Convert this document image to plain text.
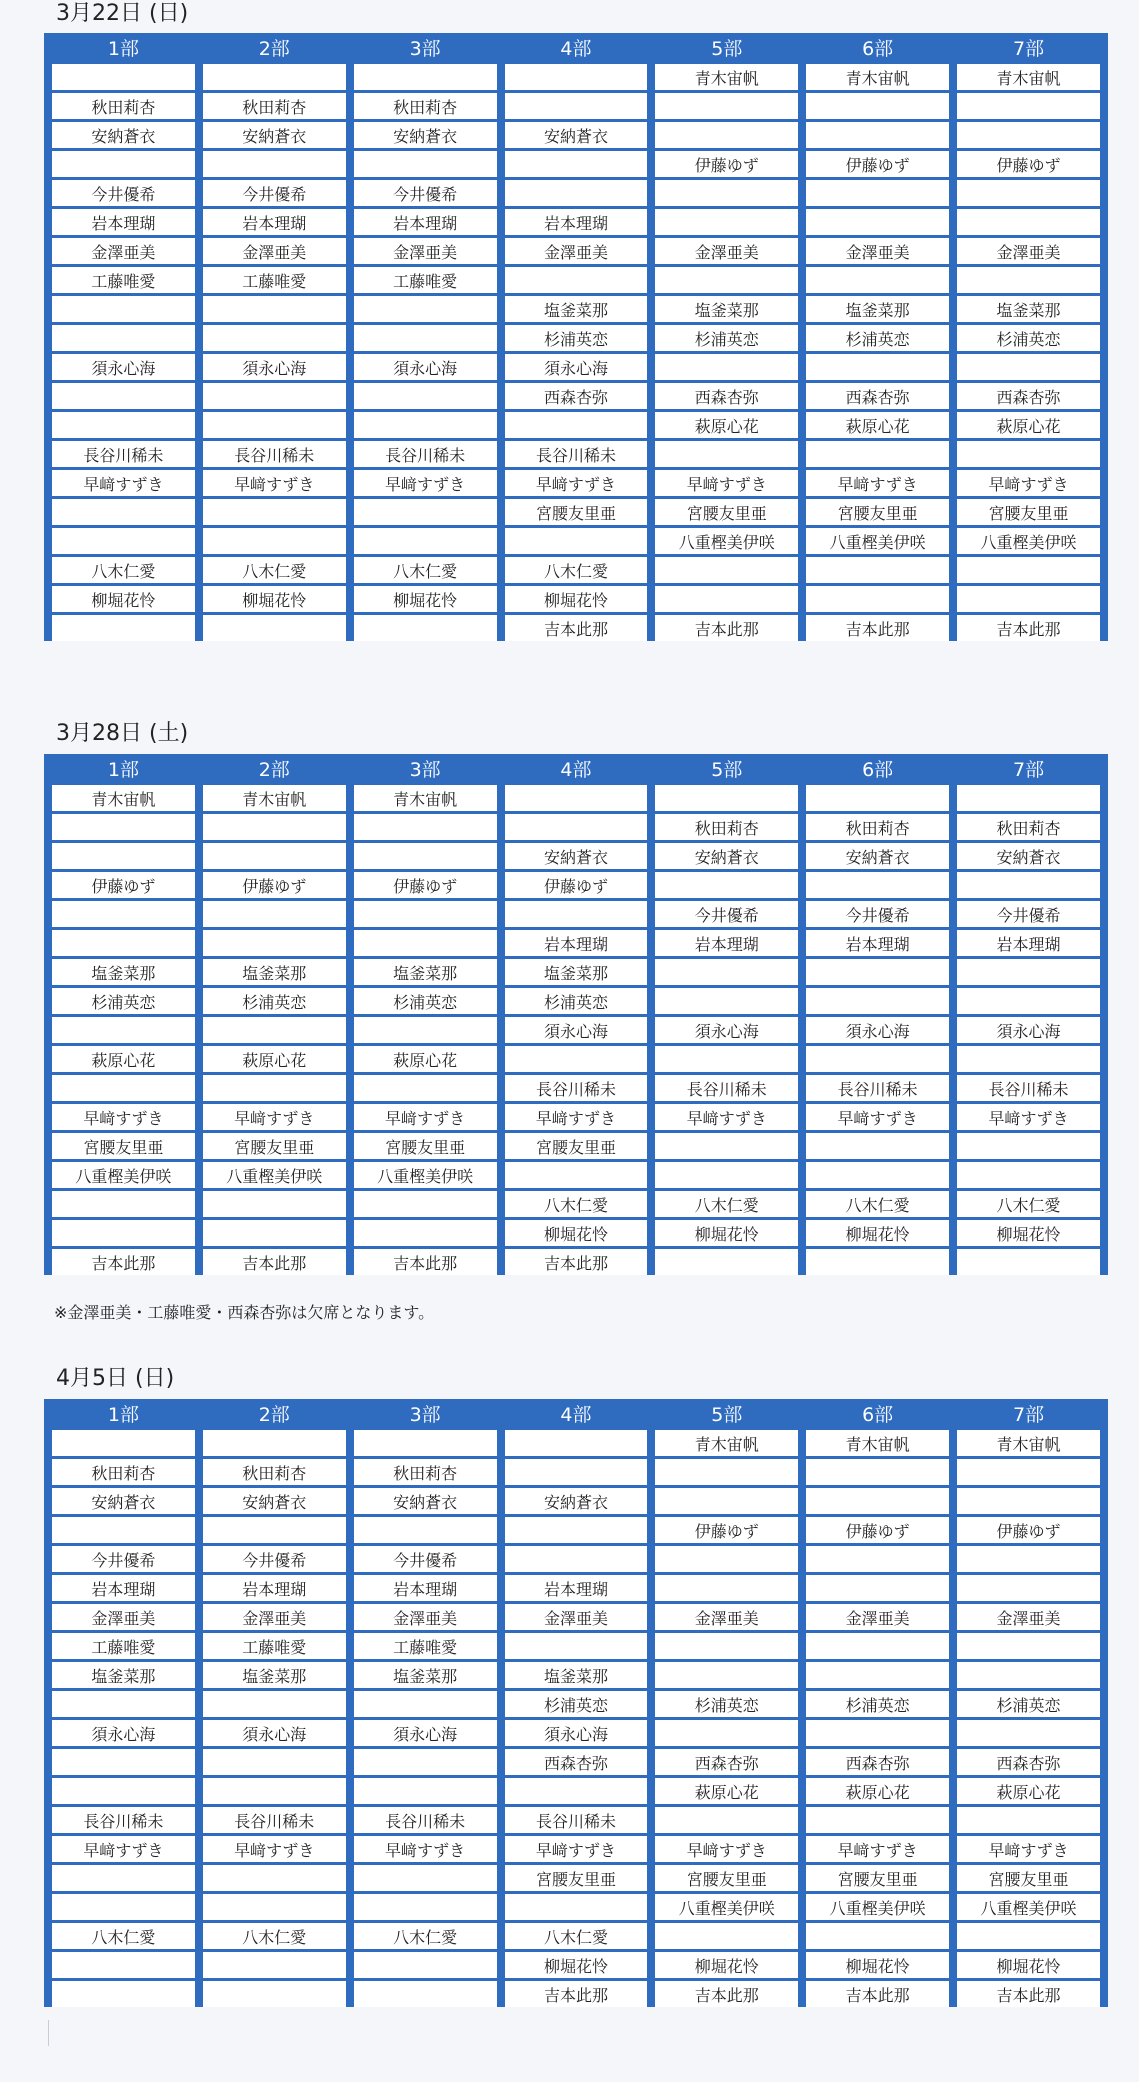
3月22日 (日)
1部	2部	3部	4部	5部	6部	7部
				青木宙帆	青木宙帆	青木宙帆
秋田莉杏	秋田莉杏	秋田莉杏				
安納蒼衣	安納蒼衣	安納蒼衣	安納蒼衣			
				伊藤ゆず	伊藤ゆず	伊藤ゆず
今井優希	今井優希	今井優希				
岩本理瑚	岩本理瑚	岩本理瑚	岩本理瑚			
金澤亜美	金澤亜美	金澤亜美	金澤亜美	金澤亜美	金澤亜美	金澤亜美
工藤唯愛	工藤唯愛	工藤唯愛				
			塩釜菜那	塩釜菜那	塩釜菜那	塩釜菜那
			杉浦英恋	杉浦英恋	杉浦英恋	杉浦英恋
須永心海	須永心海	須永心海	須永心海			
			西森杏弥	西森杏弥	西森杏弥	西森杏弥
				萩原心花	萩原心花	萩原心花
長谷川稀未	長谷川稀未	長谷川稀未	長谷川稀未			
早﨑すずき	早﨑すずき	早﨑すずき	早﨑すずき	早﨑すずき	早﨑すずき	早﨑すずき
			宮腰友里亜	宮腰友里亜	宮腰友里亜	宮腰友里亜
				八重樫美伊咲	八重樫美伊咲	八重樫美伊咲
八木仁愛	八木仁愛	八木仁愛	八木仁愛			
柳堀花怜	柳堀花怜	柳堀花怜	柳堀花怜			
			吉本此那	吉本此那	吉本此那	吉本此那
3月28日 (土)
1部	2部	3部	4部	5部	6部	7部
青木宙帆	青木宙帆	青木宙帆				
				秋田莉杏	秋田莉杏	秋田莉杏
			安納蒼衣	安納蒼衣	安納蒼衣	安納蒼衣
伊藤ゆず	伊藤ゆず	伊藤ゆず	伊藤ゆず			
				今井優希	今井優希	今井優希
			岩本理瑚	岩本理瑚	岩本理瑚	岩本理瑚
塩釜菜那	塩釜菜那	塩釜菜那	塩釜菜那			
杉浦英恋	杉浦英恋	杉浦英恋	杉浦英恋			
			須永心海	須永心海	須永心海	須永心海
萩原心花	萩原心花	萩原心花				
			長谷川稀未	長谷川稀未	長谷川稀未	長谷川稀未
早﨑すずき	早﨑すずき	早﨑すずき	早﨑すずき	早﨑すずき	早﨑すずき	早﨑すずき
宮腰友里亜	宮腰友里亜	宮腰友里亜	宮腰友里亜			
八重樫美伊咲	八重樫美伊咲	八重樫美伊咲				
			八木仁愛	八木仁愛	八木仁愛	八木仁愛
			柳堀花怜	柳堀花怜	柳堀花怜	柳堀花怜
吉本此那	吉本此那	吉本此那	吉本此那			
※金澤亜美・工藤唯愛・西森杏弥は欠席となります。
4月5日 (日)
1部	2部	3部	4部	5部	6部	7部
				青木宙帆	青木宙帆	青木宙帆
秋田莉杏	秋田莉杏	秋田莉杏				
安納蒼衣	安納蒼衣	安納蒼衣	安納蒼衣			
				伊藤ゆず	伊藤ゆず	伊藤ゆず
今井優希	今井優希	今井優希				
岩本理瑚	岩本理瑚	岩本理瑚	岩本理瑚			
金澤亜美	金澤亜美	金澤亜美	金澤亜美	金澤亜美	金澤亜美	金澤亜美
工藤唯愛	工藤唯愛	工藤唯愛				
塩釜菜那	塩釜菜那	塩釜菜那	塩釜菜那			
			杉浦英恋	杉浦英恋	杉浦英恋	杉浦英恋
須永心海	須永心海	須永心海	須永心海			
			西森杏弥	西森杏弥	西森杏弥	西森杏弥
				萩原心花	萩原心花	萩原心花
長谷川稀未	長谷川稀未	長谷川稀未	長谷川稀未			
早﨑すずき	早﨑すずき	早﨑すずき	早﨑すずき	早﨑すずき	早﨑すずき	早﨑すずき
			宮腰友里亜	宮腰友里亜	宮腰友里亜	宮腰友里亜
				八重樫美伊咲	八重樫美伊咲	八重樫美伊咲
八木仁愛	八木仁愛	八木仁愛	八木仁愛			
			柳堀花怜	柳堀花怜	柳堀花怜	柳堀花怜
			吉本此那	吉本此那	吉本此那	吉本此那
